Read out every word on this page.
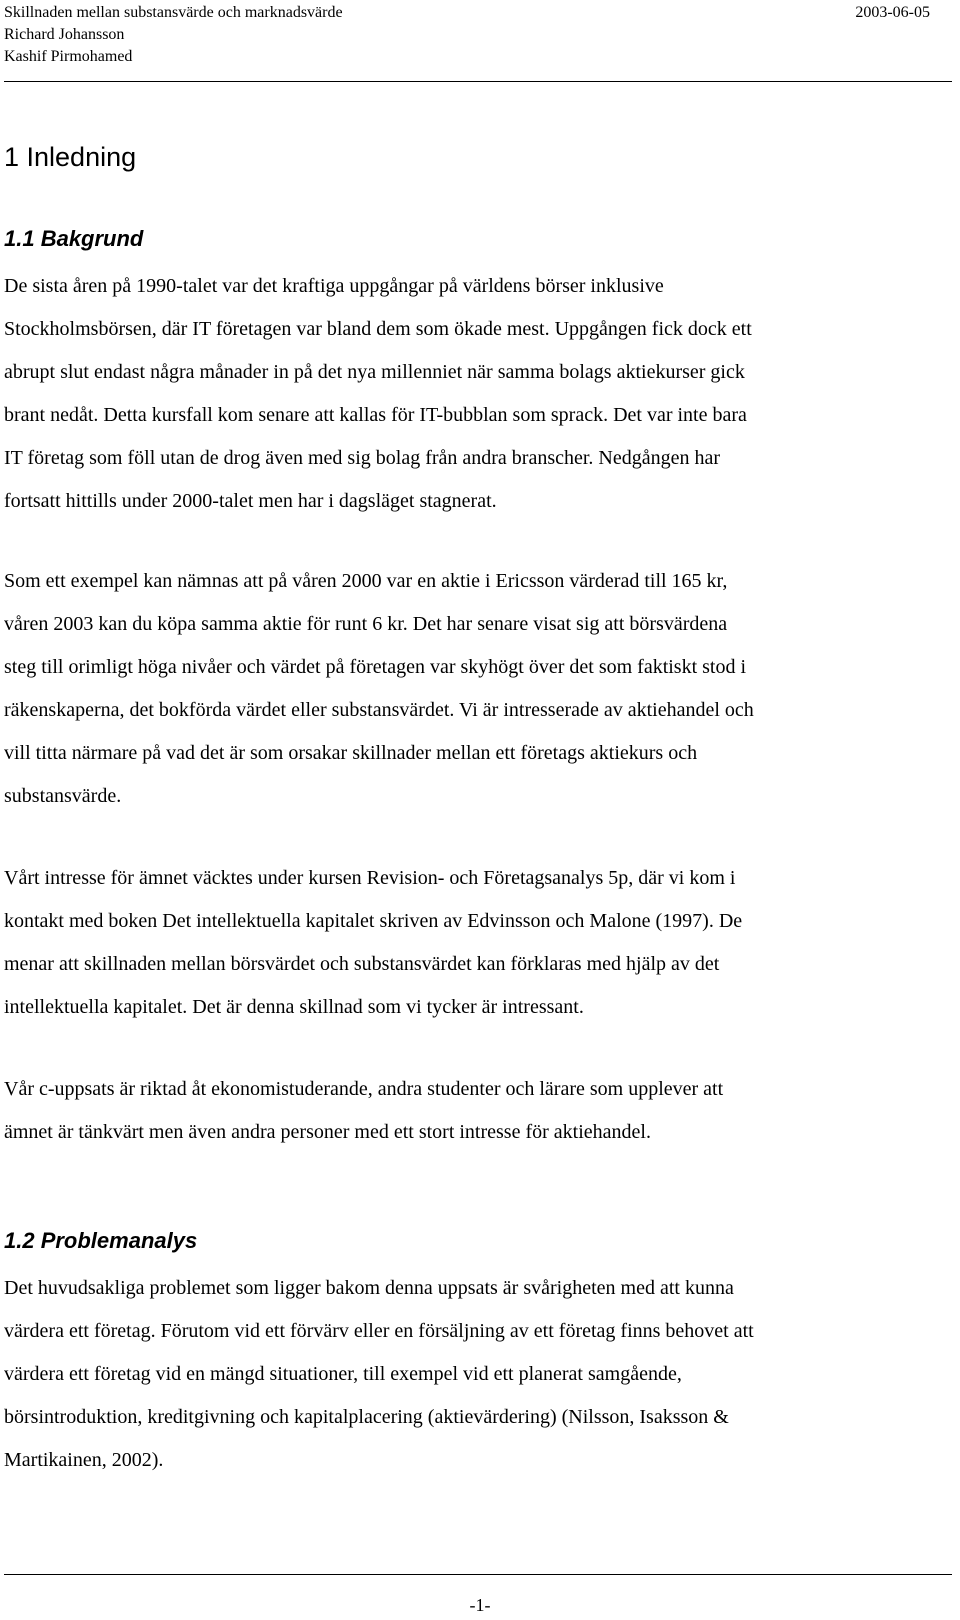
Skillnaden mellan substansvärde och marknadsvärde	2003-06-05
Richard Johansson
Kashif Pirmohamed
1 Inledning
1.1 Bakgrund

De sista åren på 1990-talet var det kraftiga uppgångar på världens börser inklusive
Stockholmsbörsen, där IT företagen var bland dem som ökade mest. Uppgången fick dock ett
abrupt slut endast några månader in på det nya millenniet när samma bolags aktiekurser gick
brant nedåt. Detta kursfall kom senare att kallas för IT-bubblan som sprack. Det var inte bara
IT företag som föll utan de drog även med sig bolag från andra branscher. Nedgången har
fortsatt hittills under 2000-talet men har i dagsläget stagnerat.

Som ett exempel kan nämnas att på våren 2000 var en aktie i Ericsson värderad till 165 kr,
våren 2003 kan du köpa samma aktie för runt 6 kr. Det har senare visat sig att börsvärdena
steg till orimligt höga nivåer och värdet på företagen var skyhögt över det som faktiskt stod i
räkenskaperna, det bokförda värdet eller substansvärdet. Vi är intresserade av aktiehandel och
vill titta närmare på vad det är som orsakar skillnader mellan ett företags aktiekurs och
substansvärde.

Vårt intresse för ämnet väcktes under kursen Revision- och Företagsanalys 5p, där vi kom i
kontakt med boken Det intellektuella kapitalet skriven av Edvinsson och Malone (1997). De
menar att skillnaden mellan börsvärdet och substansvärdet kan förklaras med hjälp av det
intellektuella kapitalet. Det är denna skillnad som vi tycker är intressant.

Vår c-uppsats är riktad åt ekonomistuderande, andra studenter och lärare som upplever att
ämnet är tänkvärt men även andra personer med ett stort intresse för aktiehandel.

1.2 Problemanalys

Det huvudsakliga problemet som ligger bakom denna uppsats är svårigheten med att kunna
värdera ett företag. Förutom vid ett förvärv eller en försäljning av ett företag finns behovet att
värdera ett företag vid en mängd situationer, till exempel vid ett planerat samgående,
börsintroduktion, kreditgivning och kapitalplacering (aktievärdering) (Nilsson, Isaksson &
Martikainen, 2002).

-1-
